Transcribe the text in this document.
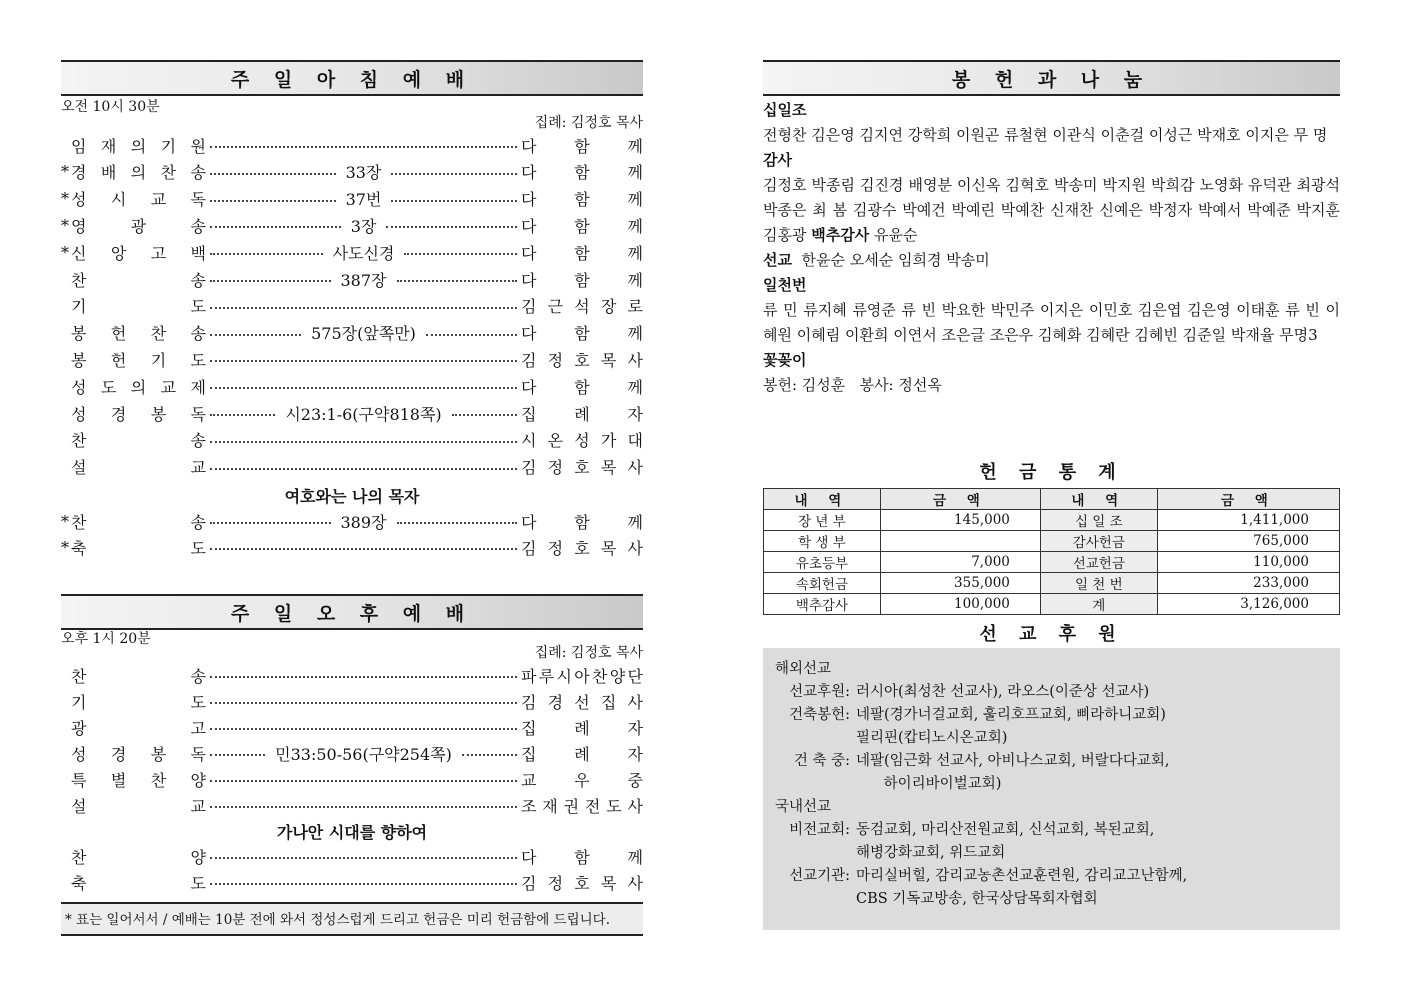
주 일 아 침 예 배
오전 10시 30분
집례: 김정호 목사
임 재 의 기 원	다 함 께
* 경 배 의 찬 송	33장	다 함 께
* 성 시 교 독	37번	다 함 께
* 영	광	송	3장	다 함 께
* 신 앙 고 백	사도신경	다 함 께
찬	송	387장	다 함 께
기	도	김 근 석 장 로
봉 헌 찬 송	575장(앞쪽만)	다 함 께
봉 헌 기 도	김 정 호 목 사
성 도 의 교 제	다 함 께
성 경 봉 독	시23:1-6(구약818쪽)	집 례 자
찬	송	시 온 성 가 대
설	교	김 정 호 목 사
여호와는 나의 목자
* 찬	송	389장	다 함 께
* 축	도	김 정 호 목 사
주 일 오 후 예 배
오후 1시 20분
집례: 김정호 목사
찬	송	파 루 시 아 찬 양 단
기	도	김 경 선 집 사
광	고	집 례 자
성 경 봉 독	민33:50-56(구약254쪽)	집 례 자
특 별 찬 양	교 우 중
설	교	조 재 권 전 도 사
가나안 시대를 향하여
찬	양	다 함 께
축	도	김 정 호 목 사
* 표는 일어서서 / 예배는 10분 전에 와서 정성스럽게 드리고 헌금은 미리 헌금함에 드립니다.
봉 헌 과 나 눔
십일조
전형찬 김은영 김지연 강학희 이원곤 류철현 이관식 이춘걸 이성근 박재호 이지은 무 명
감사
김정호 박종림 김진경 배영분 이신옥 김혁호 박송미 박지원 박희감 노영화 유덕관 최광석 박종은 최 봄 김광수 박예건 박예린 박예찬 신재찬 신예은 박정자 박예서 박예준 박지훈 김홍광 백추감사 유윤순
선교 한윤순 오세순 임희경 박송미
일천번
류 민 류지혜 류영준 류 빈 박요한 박민주 이지은 이민호 김은엽 김은영 이태훈 류 빈 이혜원 이혜림 이환희 이연서 조은글 조은우 김혜화 김혜란 김혜빈 김준일 박재율 무명3
꽃꽂이
봉헌: 김성훈   봉사: 정선옥
헌 금 통 계
내 역	금 액	내 역	금 액
장 년 부	145,000	십 일 조	1,411,000
학 생 부		감사헌금	765,000
유초등부	7,000	선교헌금	110,000
속회헌금	355,000	일 천 번	233,000
백추감사	100,000	계	3,126,000
선 교 후 원
해외선교
선교후원: 러시아(최성찬 선교사), 라오스(이준상 선교사)
건축봉헌: 네팔(경가너걸교회, 훌리호프교회, 삐라하니교회)
필리핀(캅티노시온교회)
건 축 중: 네팔(임근화 선교사, 아비나스교회, 버랄다다교회,
하이리바이벌교회)
국내선교
비전교회: 동검교회, 마리산전원교회, 신석교회, 복된교회,
해병강화교회, 위드교회
선교기관: 마리실버힐, 감리교농촌선교훈련원, 감리교고난함께,
CBS 기독교방송, 한국상담목회자협회
